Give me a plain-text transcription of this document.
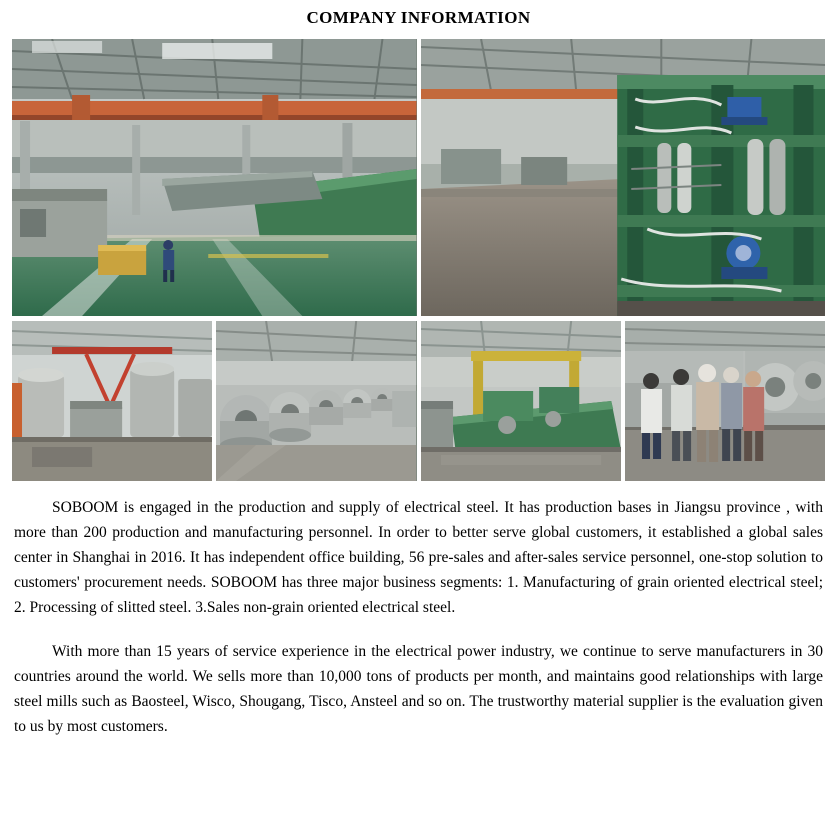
COMPANY INFORMATION

SOBOOM is engaged in the production and supply of electrical steel. It has production bases in Jiangsu province , with more than 200 production and manufacturing personnel. In order to better serve global customers, it established a global sales center in Shanghai in 2016. It has independent office building, 56 pre-sales and after-sales service personnel, one-stop solution to customers' procurement needs. SOBOOM has three major business segments: 1. Manufacturing of grain oriented electrical steel; 2. Processing of slitted steel. 3.Sales non-grain oriented electrical steel.

With more than 15 years of service experience in the electrical power industry, we continue to serve manufacturers in 30 countries around the world. We sells more than 10,000 tons of products per month, and maintains good relationships with large steel mills such as Baosteel, Wisco, Shougang, Tisco, Ansteel and so on. The trustworthy material supplier is the evaluation given to us by most customers.
